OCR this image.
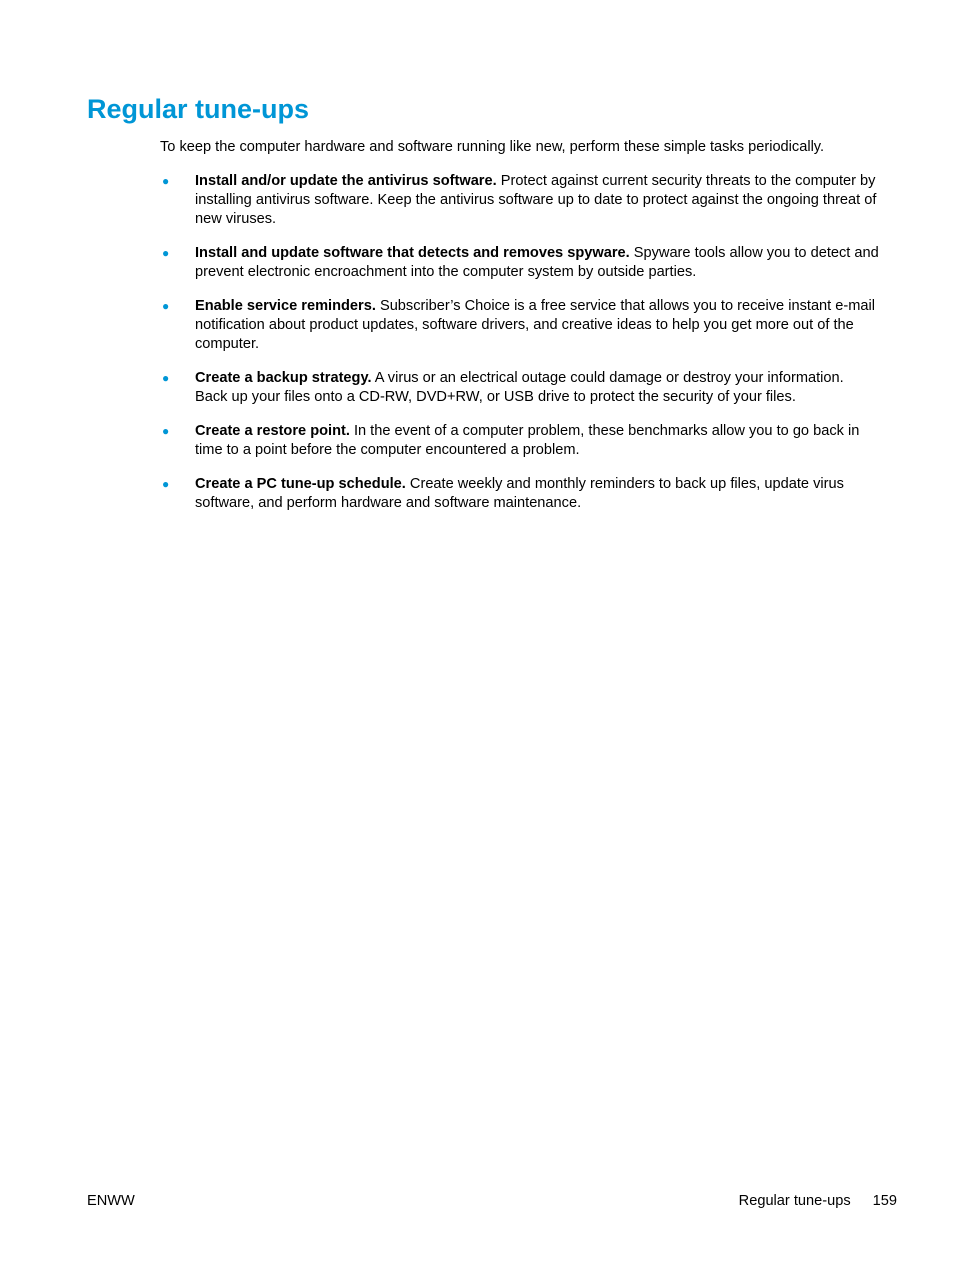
Regular tune-ups

To keep the computer hardware and software running like new, perform these simple tasks periodically.

● Install and/or update the antivirus software. Protect against current security threats to the computer by installing antivirus software. Keep the antivirus software up to date to protect against the ongoing threat of new viruses.
● Install and update software that detects and removes spyware. Spyware tools allow you to detect and prevent electronic encroachment into the computer system by outside parties.
● Enable service reminders. Subscriber’s Choice is a free service that allows you to receive instant e-mail notification about product updates, software drivers, and creative ideas to help you get more out of the computer.
● Create a backup strategy. A virus or an electrical outage could damage or destroy your information. Back up your files onto a CD-RW, DVD+RW, or USB drive to protect the security of your files.
● Create a restore point. In the event of a computer problem, these benchmarks allow you to go back in time to a point before the computer encountered a problem.
● Create a PC tune-up schedule. Create weekly and monthly reminders to back up files, update virus software, and perform hardware and software maintenance.
ENWW	Regular tune-ups 159
